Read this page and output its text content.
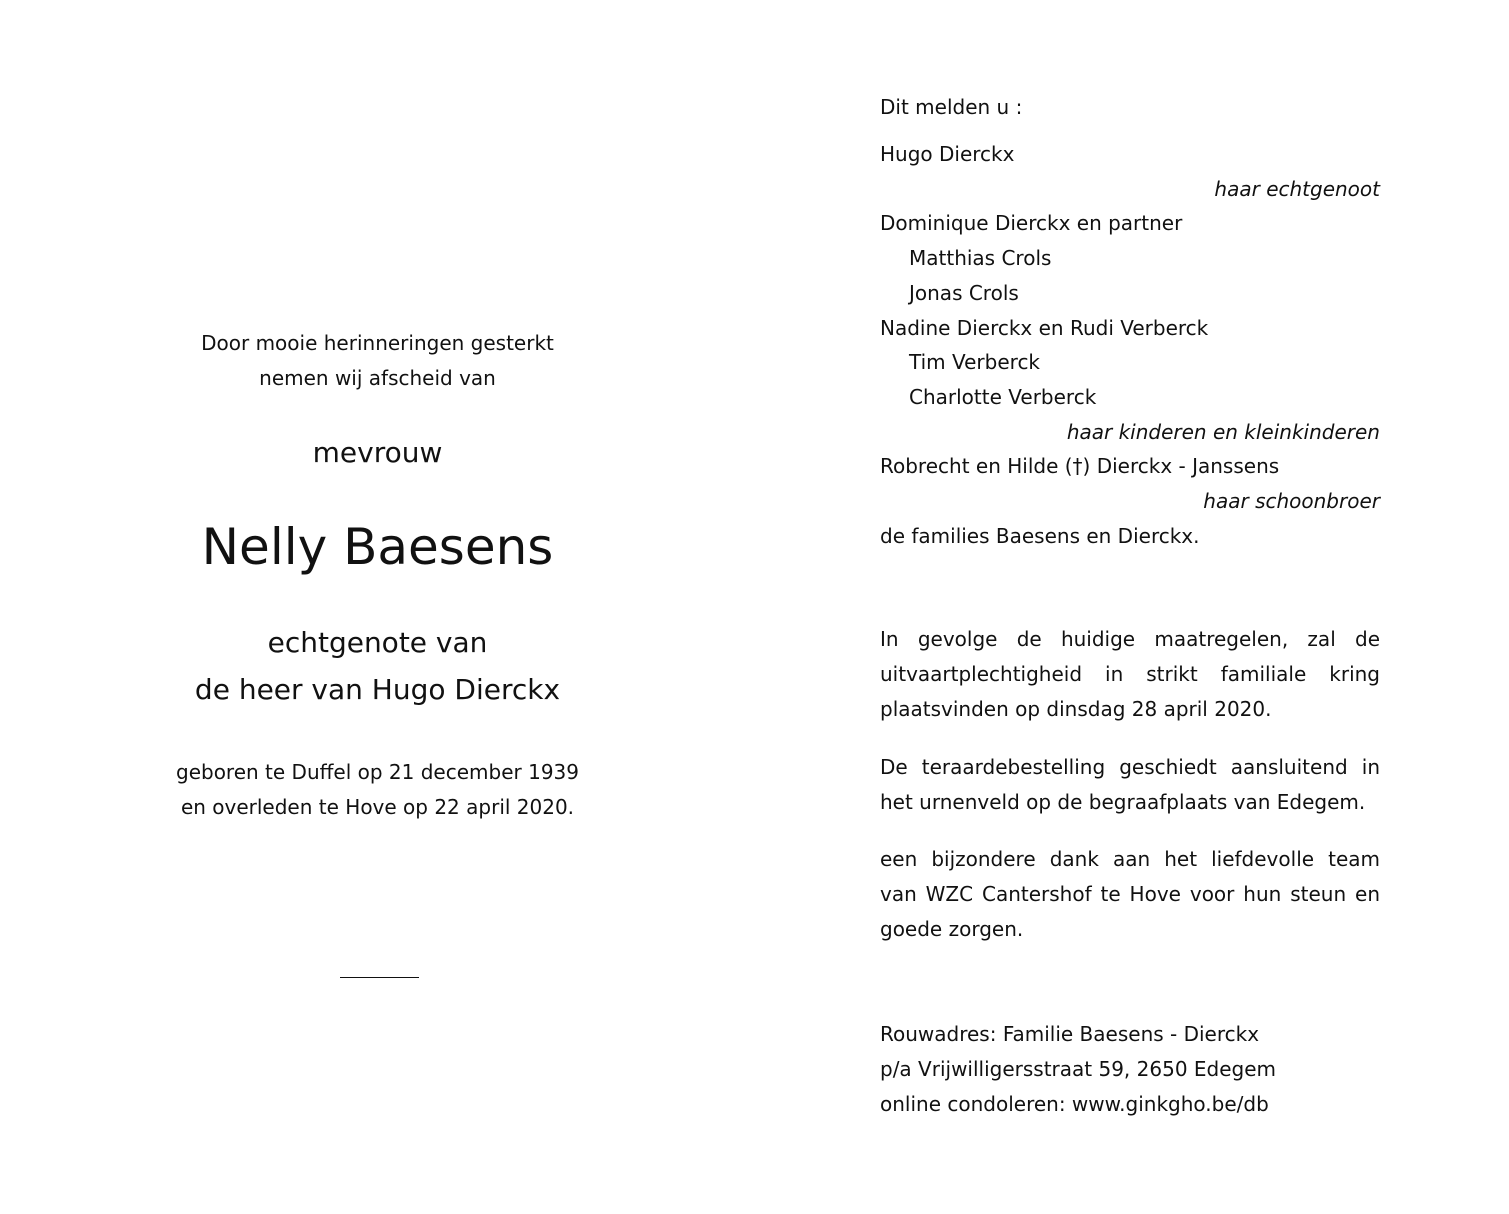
Door mooie herinneringen gesterkt
nemen wij afscheid van
mevrouw
Nelly Baesens
echtgenote van
de heer van Hugo Dierckx
geboren te Duffel op 21 december 1939
en overleden te Hove op 22 april 2020.
Dit melden u :
Hugo Dierckx
haar echtgenoot
Dominique Dierckx en partner
Matthias Crols
Jonas Crols
Nadine Dierckx en Rudi Verberck
Tim Verberck
Charlotte Verberck
haar kinderen en kleinkinderen
Robrecht en Hilde (†) Dierckx - Janssens
haar schoonbroer
de families Baesens en Dierckx.
In gevolge de huidige maatregelen, zal de
uitvaartplechtigheid in strikt familiale kring
plaatsvinden op dinsdag 28 april 2020.
De teraardebestelling geschiedt aansluitend in
het urnenveld op de begraafplaats van Edegem.
een bijzondere dank aan het liefdevolle team
van WZC Cantershof te Hove voor hun steun en
goede zorgen.
Rouwadres: Familie Baesens - Dierckx
p/a Vrijwilligersstraat 59, 2650 Edegem
online condoleren: www.ginkgho.be/db
